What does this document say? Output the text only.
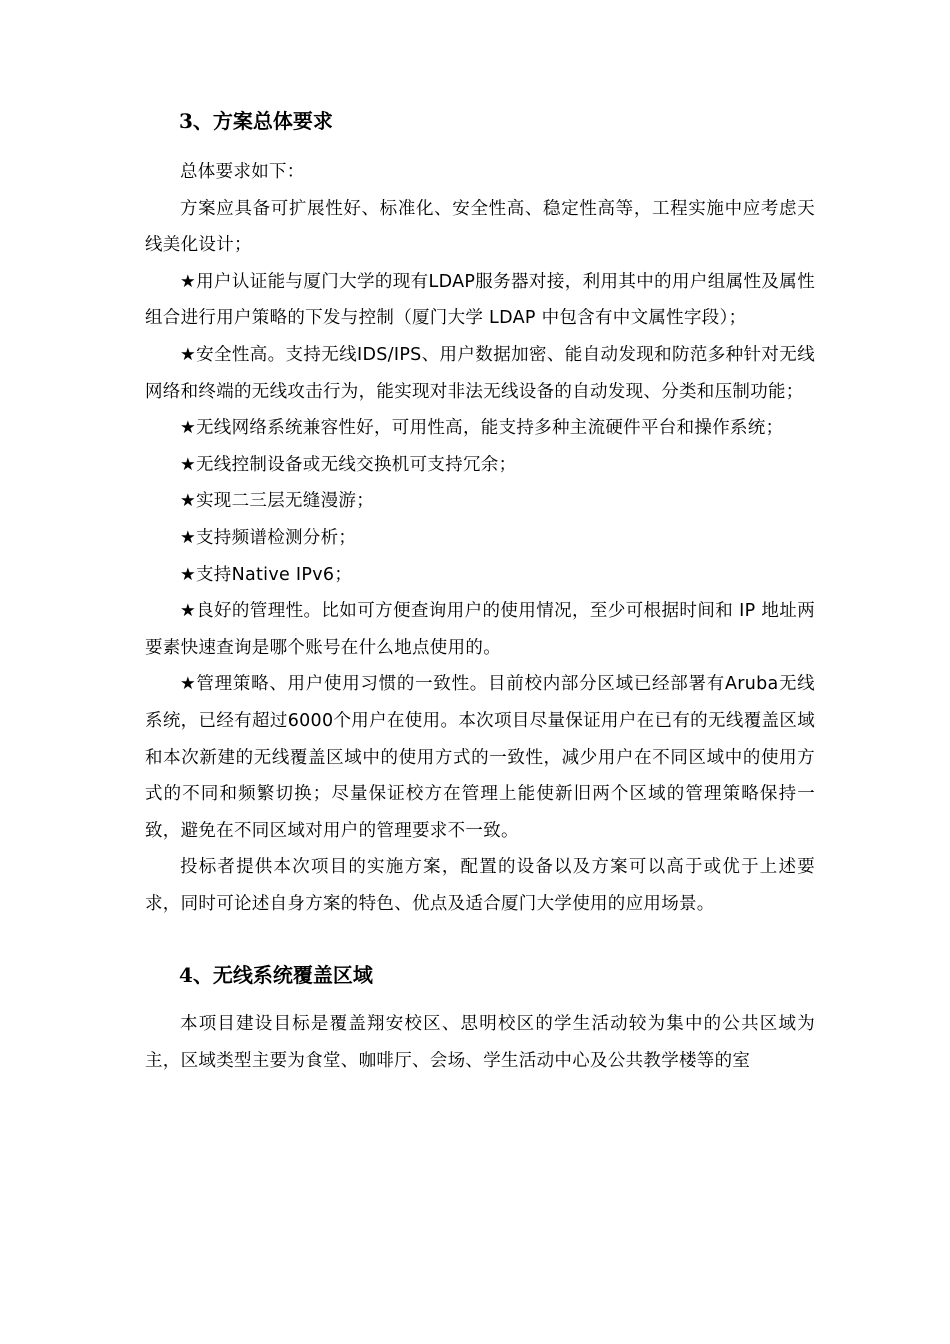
3、方案总体要求

总体要求如下：

方案应具备可扩展性好、标准化、安全性高、稳定性高等，工程实施中应考虑天线美化设计；

★用户认证能与厦门大学的现有LDAP服务器对接，利用其中的用户组属性及属性组合进行用户策略的下发与控制（厦门大学 LDAP 中包含有中文属性字段）；

★安全性高。支持无线IDS/IPS、用户数据加密、能自动发现和防范多种针对无线网络和终端的无线攻击行为，能实现对非法无线设备的自动发现、分类和压制功能；

★无线网络系统兼容性好，可用性高，能支持多种主流硬件平台和操作系统；

★无线控制设备或无线交换机可支持冗余；

★实现二三层无缝漫游；

★支持频谱检测分析；

★支持Native IPv6；

★良好的管理性。比如可方便查询用户的使用情况，至少可根据时间和 IP 地址两要素快速查询是哪个账号在什么地点使用的。

★管理策略、用户使用习惯的一致性。目前校内部分区域已经部署有Aruba无线系统，已经有超过6000个用户在使用。本次项目尽量保证用户在已有的无线覆盖区域和本次新建的无线覆盖区域中的使用方式的一致性，减少用户在不同区域中的使用方式的不同和频繁切换；尽量保证校方在管理上能使新旧两个区域的管理策略保持一致，避免在不同区域对用户的管理要求不一致。

投标者提供本次项目的实施方案，配置的设备以及方案可以高于或优于上述要求，同时可论述自身方案的特色、优点及适合厦门大学使用的应用场景。

4、无线系统覆盖区域

本项目建设目标是覆盖翔安校区、思明校区的学生活动较为集中的公共区域为主，区域类型主要为食堂、咖啡厅、会场、学生活动中心及公共教学楼等的室
